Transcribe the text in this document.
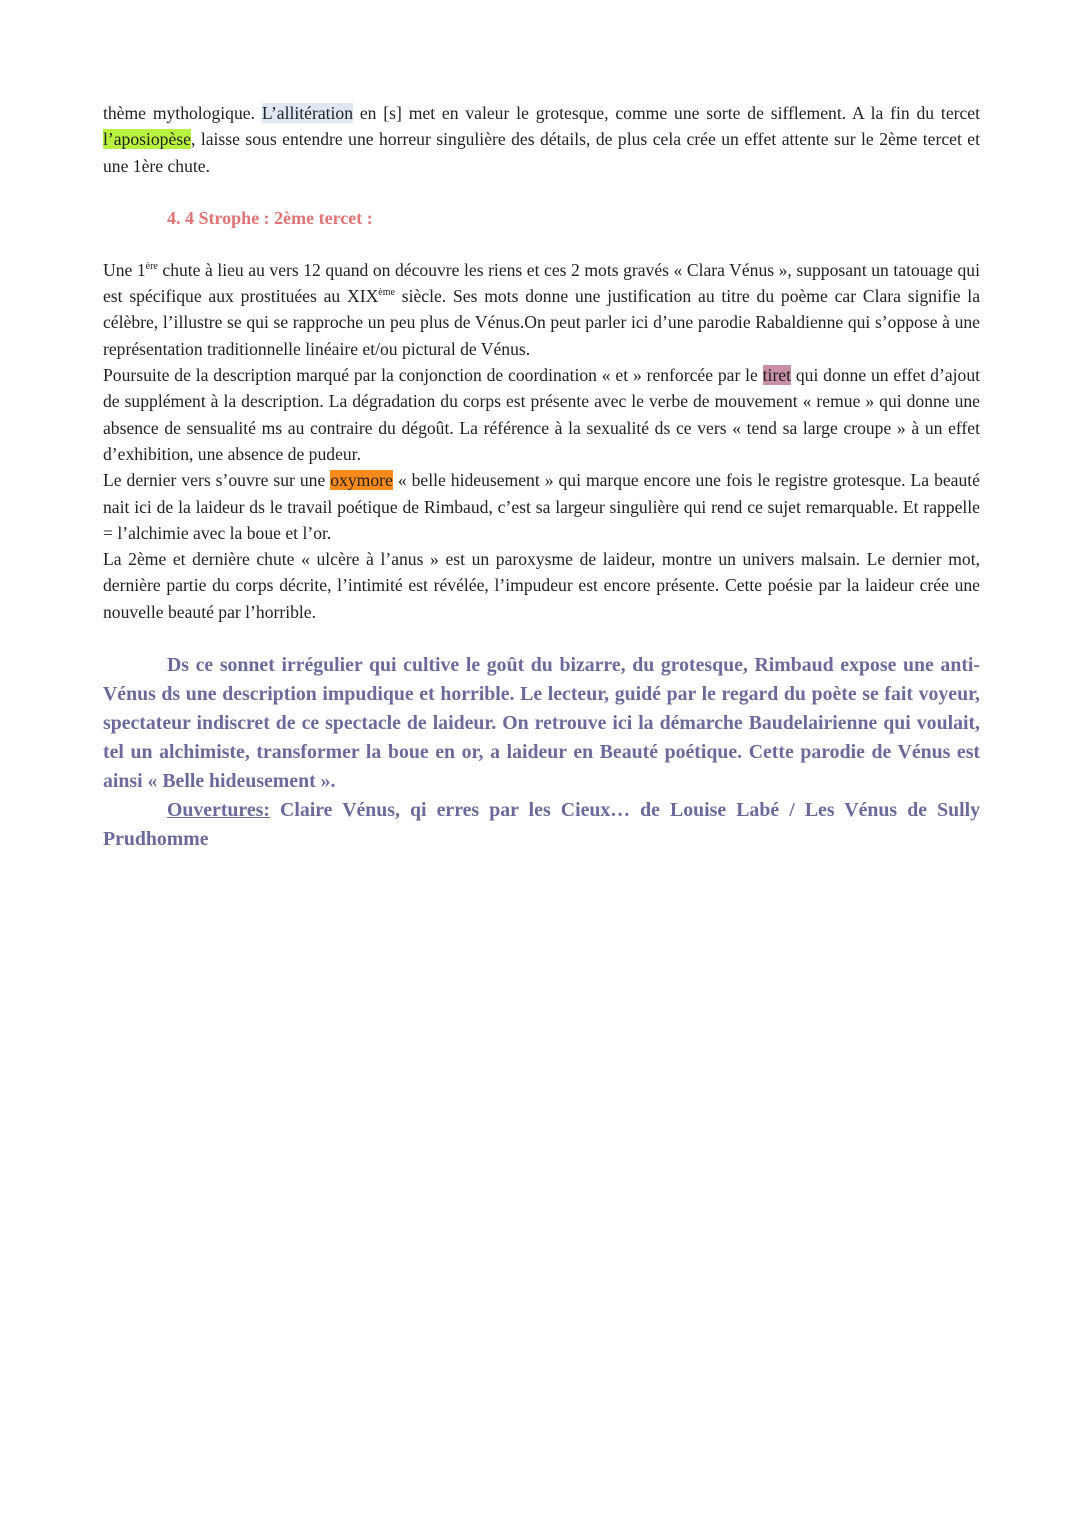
thème mythologique. L’allitération en [s] met en valeur le grotesque, comme une sorte de sifflement. A la fin du tercet l’aposiopèse, laisse sous entendre une horreur singulière des détails, de plus cela crée un effet attente sur le 2ème tercet et une 1ère chute.

4. 4 Strophe : 2ème tercet :

Une 1ère chute à lieu au vers 12 quand on découvre les riens et ces 2 mots gravés « Clara Vénus », supposant un tatouage qui est spécifique aux prostituées au XIXème siècle. Ses mots donne une justification au titre du poème car Clara signifie la célèbre, l’illustre se qui se rapproche un peu plus de Vénus.On peut parler ici d’une parodie Rabaldienne qui s’oppose à une représentation traditionnelle linéaire et/ou pictural de Vénus.

Poursuite de la description marqué par la conjonction de coordination « et » renforcée par le tiret qui donne un effet d’ajout de supplément à la description. La dégradation du corps est présente avec le verbe de mouvement « remue » qui donne une absence de sensualité ms au contraire du dégoût. La référence à la sexualité ds ce vers « tend sa large croupe » à un effet d’exhibition, une absence de pudeur.

Le dernier vers s’ouvre sur une oxymore « belle hideusement » qui marque encore une fois le registre grotesque. La beauté nait ici de la laideur ds le travail poétique de Rimbaud, c’est sa largeur singulière qui rend ce sujet remarquable. Et rappelle = l’alchimie avec la boue et l’or.

La 2ème et dernière chute « ulcère à l’anus » est un paroxysme de laideur, montre un univers malsain. Le dernier mot, dernière partie du corps décrite, l’intimité est révélée, l’impudeur est encore présente. Cette poésie par la laideur crée une nouvelle beauté par l’horrible.

Ds ce sonnet irrégulier qui cultive le goût du bizarre, du grotesque, Rimbaud expose une anti-Vénus ds une description impudique et horrible. Le lecteur, guidé par le regard du poète se fait voyeur, spectateur indiscret de ce spectacle de laideur. On retrouve ici la démarche Baudelairienne qui voulait, tel un alchimiste, transformer la boue en or, a laideur en Beauté poétique. Cette parodie de Vénus est ainsi « Belle hideusement ».

Ouvertures: Claire Vénus, qi erres par les Cieux… de Louise Labé / Les Vénus de Sully Prudhomme
